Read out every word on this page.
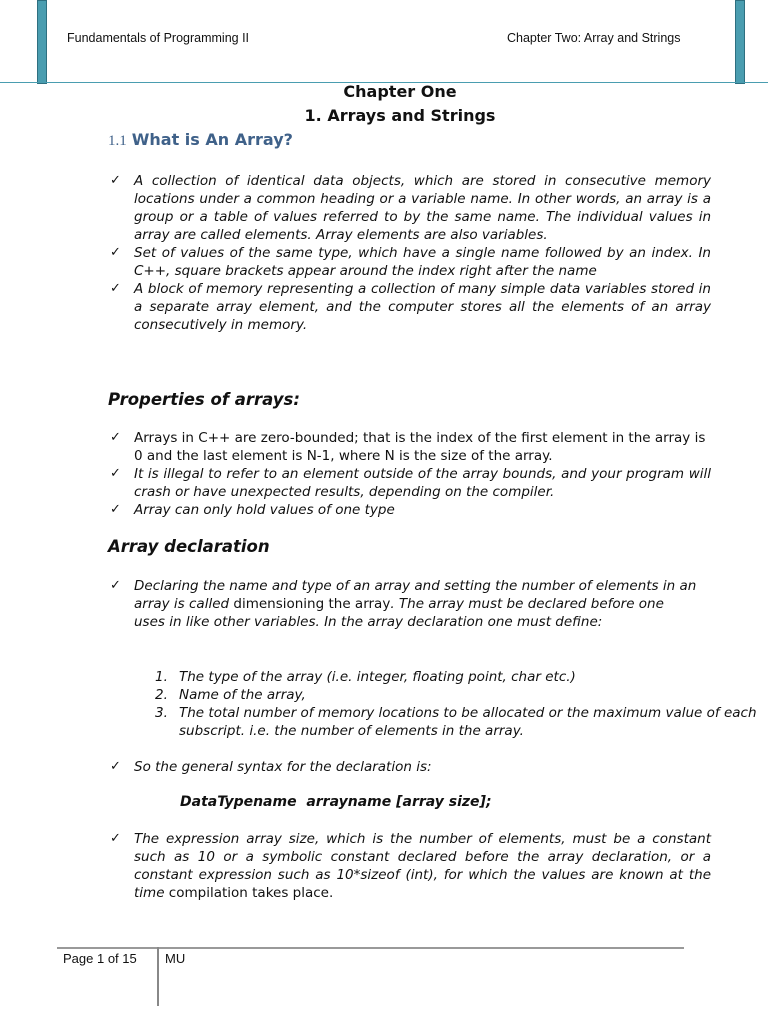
Fundamentals of Programming II	Chapter Two: Array and Strings
Chapter One
1. Arrays and Strings
1.1 What is An Array?
✓ A collection of identical data objects, which are stored in consecutive memory locations under a common heading or a variable name. In other words, an array is a group or a table of values referred to by the same name. The individual values in array are called elements. Array elements are also variables.
✓ Set of values of the same type, which have a single name followed by an index. In C++, square brackets appear around the index right after the name
✓ A block of memory representing a collection of many simple data variables stored in a separate array element, and the computer stores all the elements of an array consecutively in memory.
Properties of arrays:
✓ Arrays in C++ are zero-bounded; that is the index of the first element in the array is 0 and the last element is N-1, where N is the size of the array.
✓ It is illegal to refer to an element outside of the array bounds, and your program will crash or have unexpected results, depending on the compiler.
✓ Array can only hold values of one type
Array declaration
✓ Declaring the name and type of an array and setting the number of elements in an array is called dimensioning the array. The array must be declared before one uses in like other variables. In the array declaration one must define:
1. The type of the array (i.e. integer, floating point, char etc.)
2. Name of the array,
3. The total number of memory locations to be allocated or the maximum value of each subscript. i.e. the number of elements in the array.
✓ So the general syntax for the declaration is:
DataTypename  arrayname [array size];
✓ The expression array size, which is the number of elements, must be a constant such as 10 or a symbolic constant declared before the array declaration, or a constant expression such as 10*sizeof (int), for which the values are known at the time compilation takes place.
Page 1 of 15 MU
